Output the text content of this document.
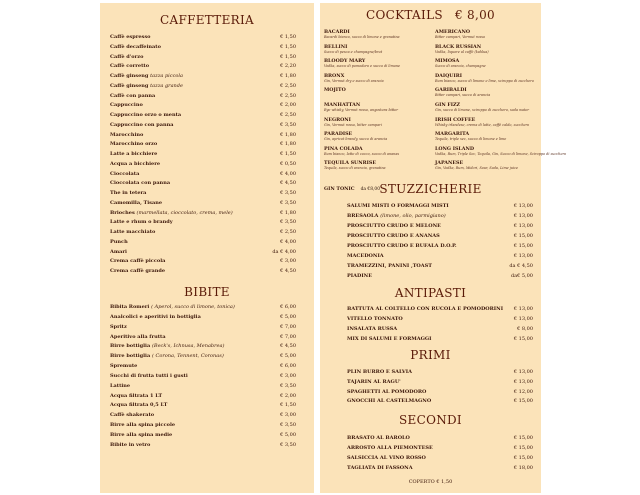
CAFFETTERIA
Caffè espresso	€ 1,50
Caffè decaffeinato	€ 1,50
Caffè d'orzo	€ 1,50
Caffè corretto	€ 2,20
Caffè ginseng tazza piccola	€ 1,80
Caffè ginseng tazza grande	€ 2,50
Caffè con panna	€ 2,50
Cappuccino	€ 2,00
Cappuccino orzo o menta	€ 2,50
Cappuccino con panna	€ 3,50
Marocchino	€ 1,80
Marocchino orzo	€ 1,80
Latte a bicchiere	€ 1,50
Acqua a bicchiere	€ 0,50
Cioccolata	€ 4,00
Cioccolata con panna	€ 4,50
The in tetera	€ 3,50
Camomilla, Tisane	€ 3,50
Brioches (marmellata, cioccolato, crema, mele)	€ 1,80
Latte e rhum o brandy	€ 3,50
Latte macchiato	€ 2,50
Punch	€ 4,00
Amari	da € 4,00
Crema caffè piccola	€ 3,00
Crema caffè grande	€ 4,50
BIBITE
Bibita Romeri ( Aperol, succo di limone, tonica)	€ 6,00
Analcolici e aperitivi in bottiglia	€ 5,00
Spritz	€ 7,00
Aperitivo alla frutta	€ 7,00
Birre bottiglia (Beck's, Ichnusa, Menabrea)	€ 4,50
Birre bottiglia ( Corona, Tennent, Coronas)	€ 5,00
Spremute	€ 6,00
Succhi di frutta tutti i gusti	€ 3,00
Lattine	€ 3,50
Acqua filtrata 1 LT	€ 2,00
Acqua filtrata 0,5 LT	€ 1,50
Caffè shakerato	€ 3,00
Birre alla spina piccole	€ 3,50
Birre alla spina medie	€ 5,00
Bibite in vetro	€ 3,50
COCKTAILS € 8,00
BACARDI
Bacardi bianco, succo di limone e granatina
BELLINI
Succo di pesca e champagne/brut
BLOODY MARY
Vodka, succo di pomodoro e succo di limone
BRONX
Gin, Vermut dry e succo di arancia
MOJITO
MANHATTAN
Rye whisky, Vermut rosso, angostura bitter
NEGRONI
Gin, Vermut rosso, bitter campari
PARADISE
Gin, apricot brandy, succo di arancia
PINA COLADA
Rum bianco, latte di cocco, succo di ananas
TEQUILA SUNRISE
Tequila, succo di arancia, granatina
GIN TONIC da €8,00
AMERICANO
Bitter campari, Vermut rosso
BLACK RUSSIAN
Vodka, liquore al caffè (kahlua)
MIMOSA
Succo di arancia, champagne
DAIQUIRI
Rum bianco, succo di limone e lime, sciroppo di zucchero
GARIBALDI
Bitter campari, succo di arancia
GIN FIZZ
Gin, succo di limone, sciroppo di zucchero, soda water
IRISH COFFEE
Whisky irlandese, crema di latte, caffè caldo, zucchero
MARGARITA
Tequila, triple sec, succo di limone e lime
LONG ISLAND
Vodka, Rum, Triple Sec, Tequila, Gin, Succo di limone, Sciroppo di zucchero
JAPANESE
Gin, Vodka, Rum, Midori, Sour, Soda, Lime juice
STUZZICHERIE
SALUMI MISTI O FORMAGGI MISTI	€ 13,00
BRESAOLA (limone, olio, parmigiano)	€ 13,00
PROSCIUTTO CRUDO E MELONE	€ 13,00
PROSCIUTTO CRUDO E ANANAS	€ 15,00
PROSCIUTTO CRUDO E BUFALA D.O.P.	€ 15,00
MACEDONIA	€ 13,00
TRAMEZZINI, PANINI ,TOAST	da € 4,50
PIADINE	da€ 5,00
ANTIPASTI
BATTUTA AL COLTELLO CON RUCOLA E POMODORINI	€ 13,00
VITELLO TONNATO	€ 13,00
INSALATA RUSSA	€ 8,00
MIX DI SALUMI E FORMAGGI	€ 15,00
PRIMI
PLIN BURRO E SALVIA	€ 13,00
TAJARIN AL RAGU'	€ 13,00
SPAGHETTI AL POMODORO	€ 12,00
GNOCCHI AL CASTELMAGNO	€ 15,00
SECONDI
BRASATO AL BAROLO	€ 15,00
ARROSTO ALLA PIEMONTESE	€ 15,00
SALSICCIA AL VINO ROSSO	€ 15,00
TAGLIATA DI FASSONA	€ 18,00
COPERTO € 1,50
